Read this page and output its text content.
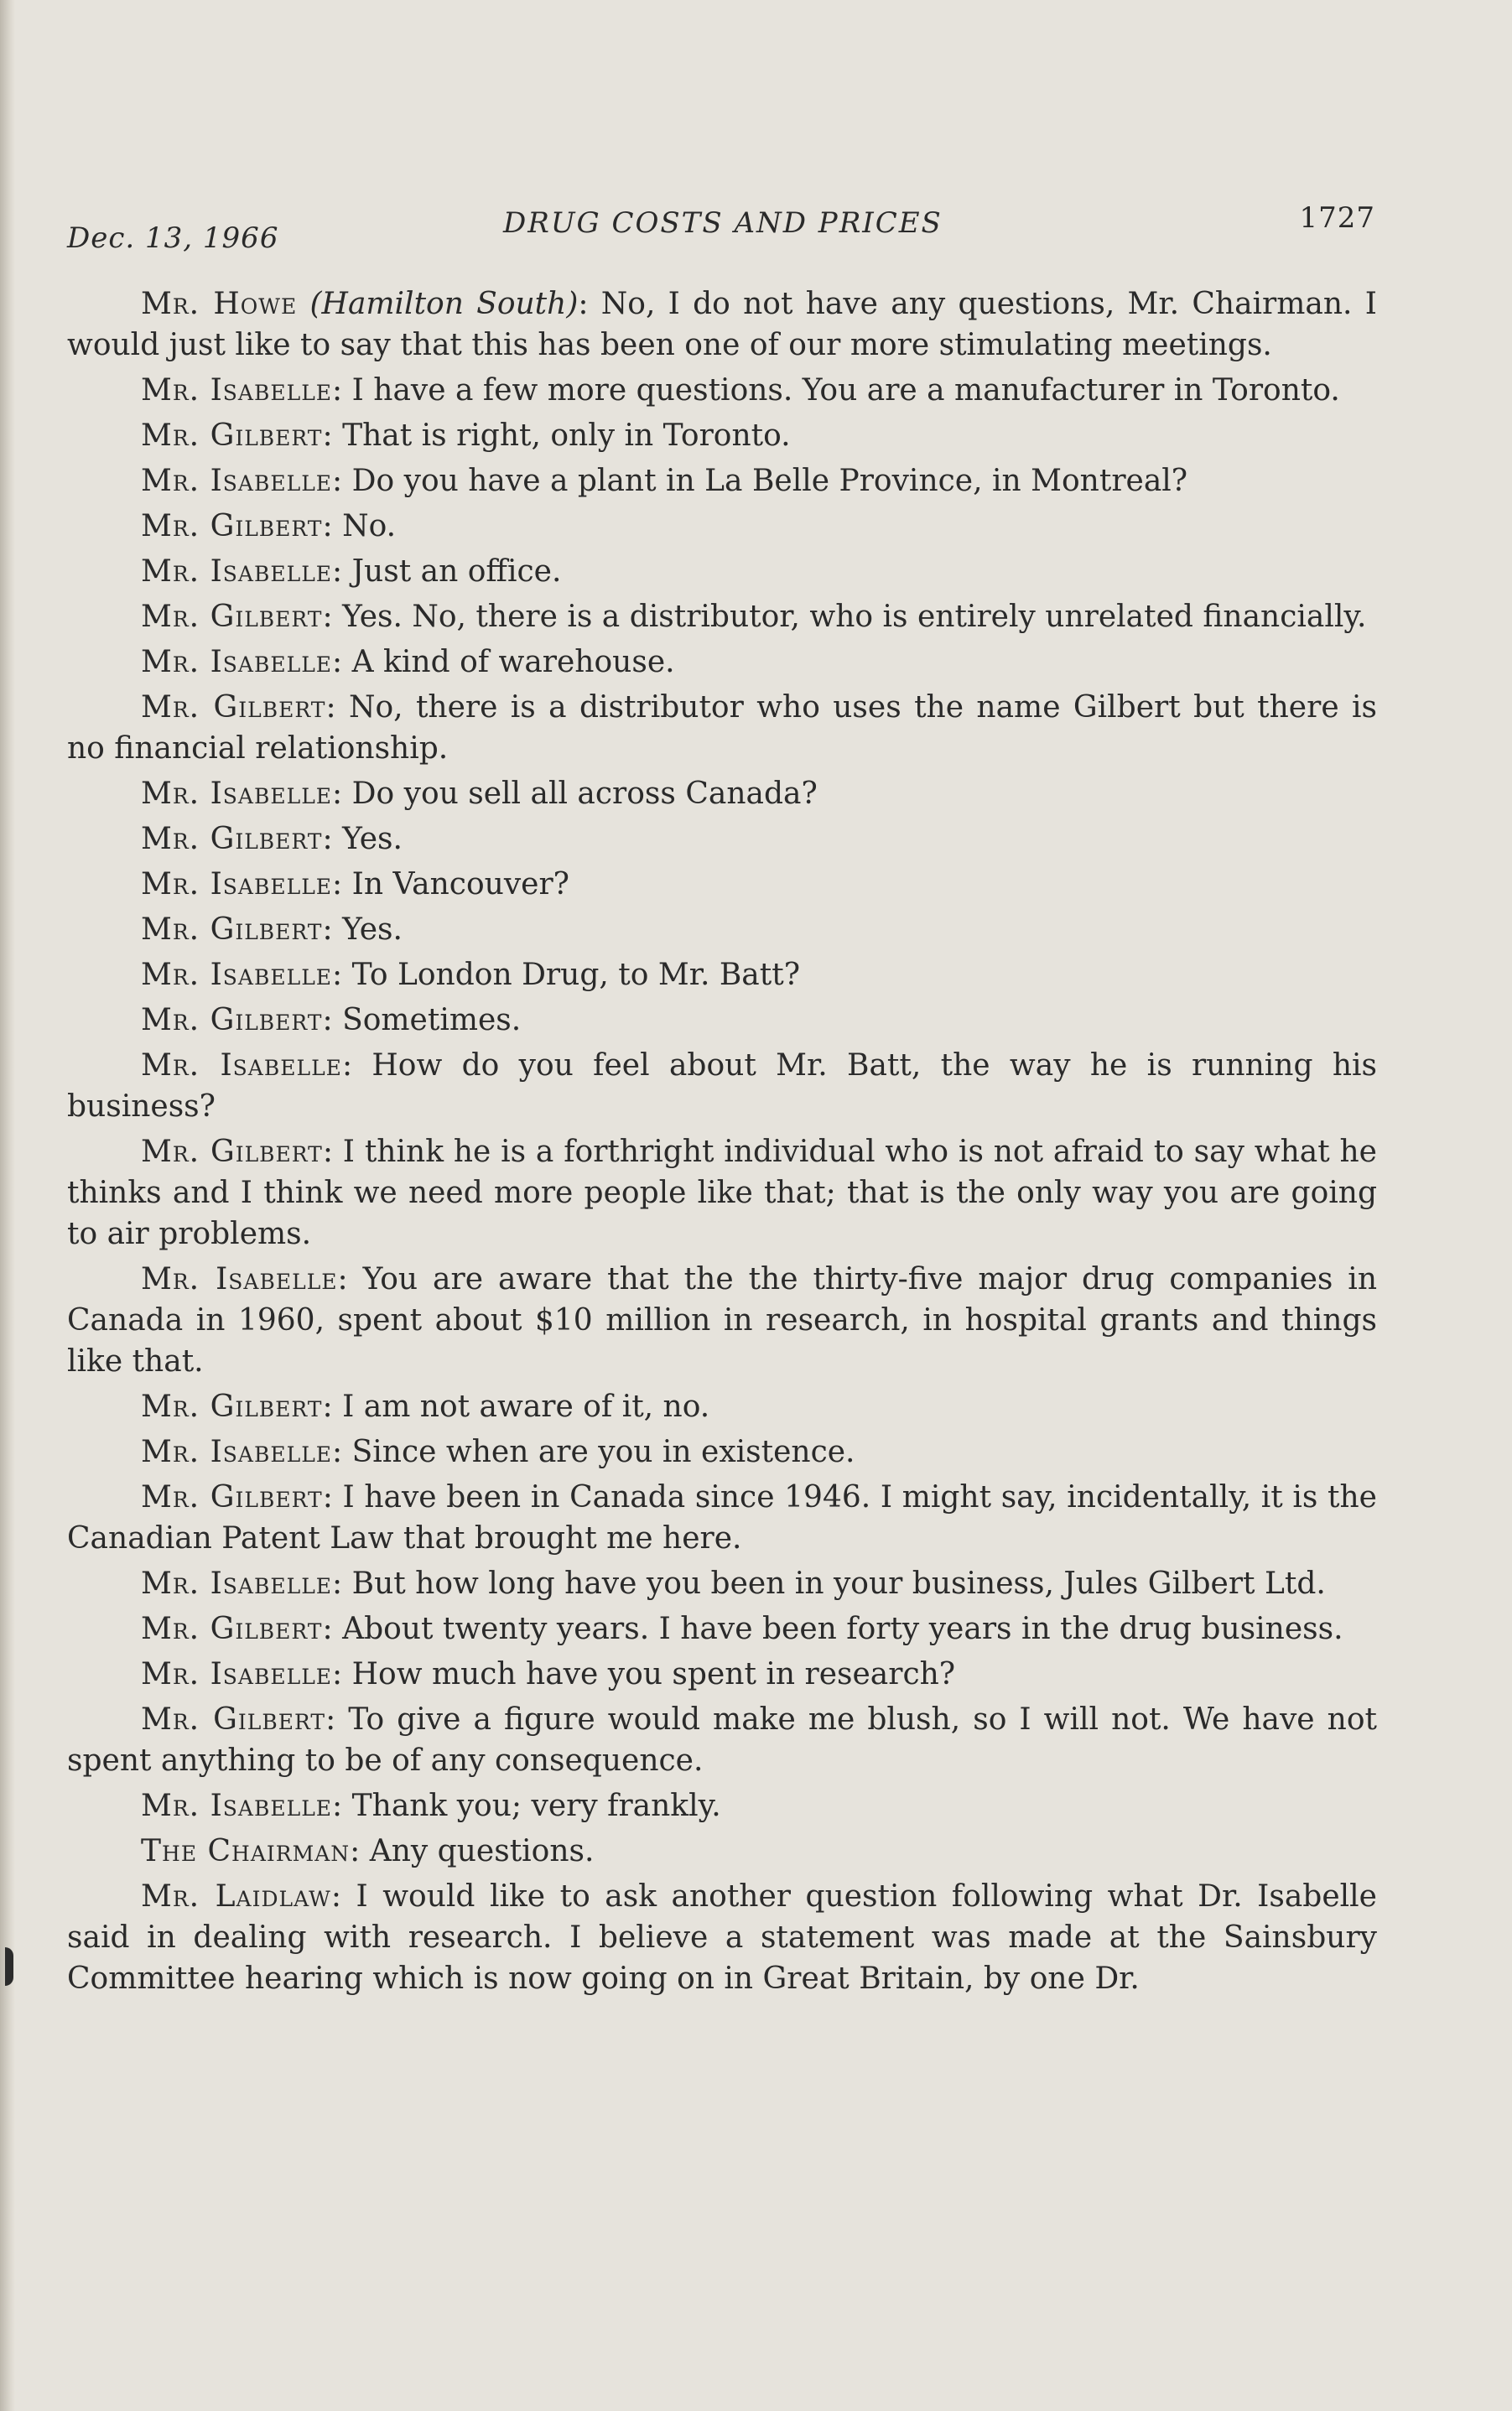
Dec. 13, 1966	DRUG COSTS AND PRICES	1727

Mr. Howe (Hamilton South): No, I do not have any questions, Mr. Chairman. I would just like to say that this has been one of our more stimulating meetings.

Mr. Isabelle: I have a few more questions. You are a manufacturer in Toronto.

Mr. Gilbert: That is right, only in Toronto.

Mr. Isabelle: Do you have a plant in La Belle Province, in Montreal?

Mr. Gilbert: No.

Mr. Isabelle: Just an office.

Mr. Gilbert: Yes. No, there is a distributor, who is entirely unrelated financially.

Mr. Isabelle: A kind of warehouse.

Mr. Gilbert: No, there is a distributor who uses the name Gilbert but there is no financial relationship.

Mr. Isabelle: Do you sell all across Canada?

Mr. Gilbert: Yes.

Mr. Isabelle: In Vancouver?

Mr. Gilbert: Yes.

Mr. Isabelle: To London Drug, to Mr. Batt?

Mr. Gilbert: Sometimes.

Mr. Isabelle: How do you feel about Mr. Batt, the way he is running his business?

Mr. Gilbert: I think he is a forthright individual who is not afraid to say what he thinks and I think we need more people like that; that is the only way you are going to air problems.

Mr. Isabelle: You are aware that the the thirty-five major drug companies in Canada in 1960, spent about $10 million in research, in hospital grants and things like that.

Mr. Gilbert: I am not aware of it, no.

Mr. Isabelle: Since when are you in existence.

Mr. Gilbert: I have been in Canada since 1946. I might say, incidentally, it is the Canadian Patent Law that brought me here.

Mr. Isabelle: But how long have you been in your business, Jules Gilbert Ltd.

Mr. Gilbert: About twenty years. I have been forty years in the drug business.

Mr. Isabelle: How much have you spent in research?

Mr. Gilbert: To give a figure would make me blush, so I will not. We have not spent anything to be of any consequence.

Mr. Isabelle: Thank you; very frankly.

The Chairman: Any questions.

Mr. Laidlaw: I would like to ask another question following what Dr. Isabelle said in dealing with research. I believe a statement was made at the Sainsbury Committee hearing which is now going on in Great Britain, by one Dr.
